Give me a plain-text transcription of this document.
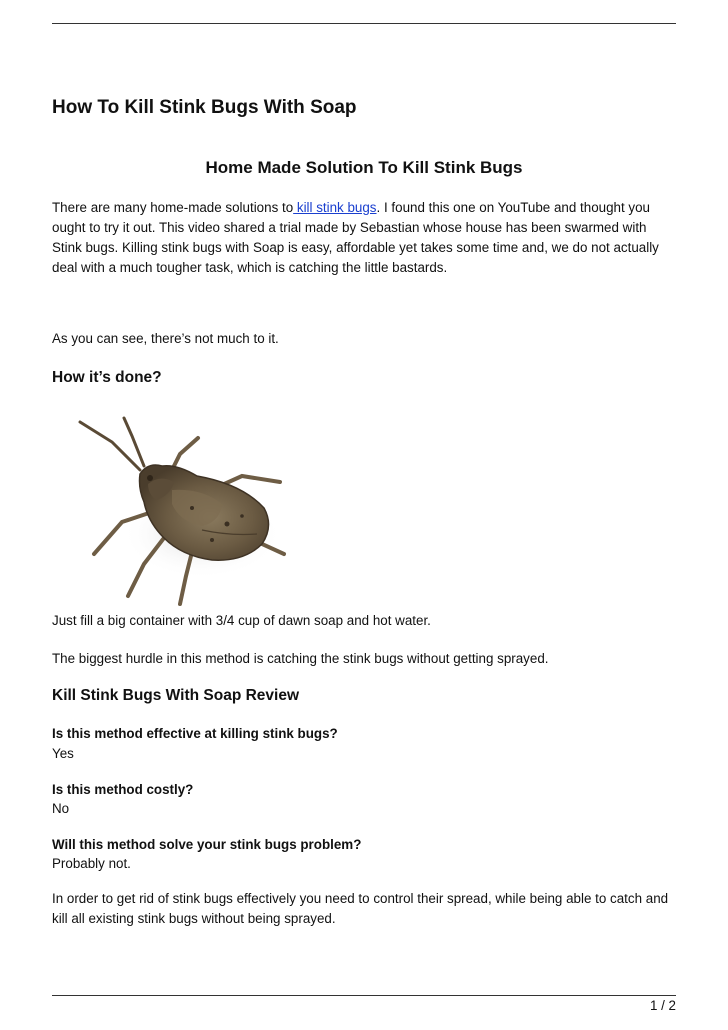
How To Kill Stink Bugs With Soap
Home Made Solution To Kill Stink Bugs

There are many home-made solutions to kill stink bugs. I found this one on YouTube and thought you ought to try it out. This video shared a trial made by Sebastian whose house has been swarmed with Stink bugs. Killing stink bugs with Soap is easy, affordable yet takes some time and, we do not actually deal with a much tougher task, which is catching the little bastards.

As you can see, there’s not much to it.

How it’s done?

Just fill a big container with 3/4 cup of dawn soap and hot water.

The biggest hurdle in this method is catching the stink bugs without getting sprayed.

Kill Stink Bugs With Soap Review

Is this method effective at killing stink bugs?

Yes

Is this method costly?

No

Will this method solve your stink bugs problem?

Probably not.

In order to get rid of stink bugs effectively you need to control their spread, while being able to catch and kill all existing stink bugs without being sprayed.

1 / 2
